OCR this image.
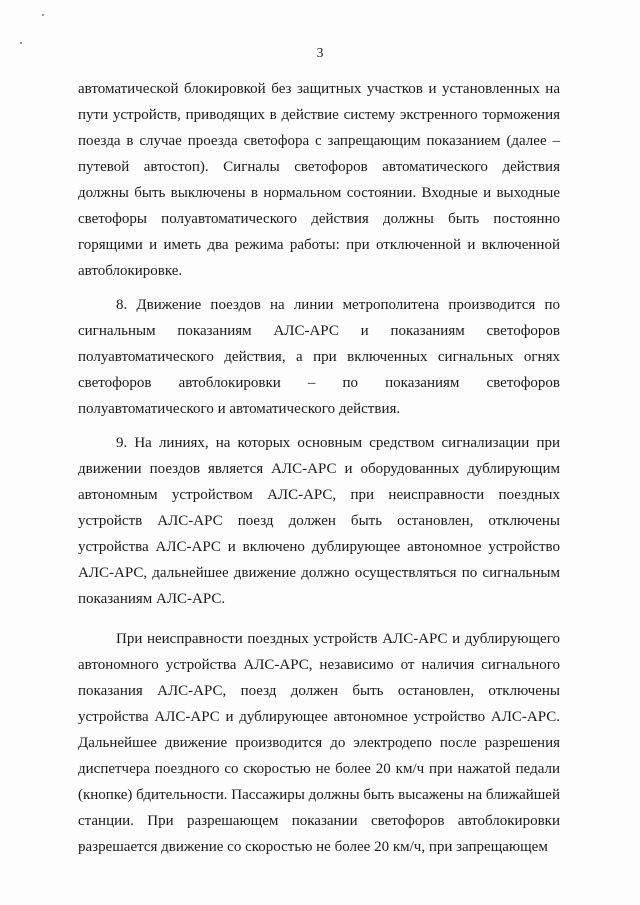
3

автоматической блокировкой без защитных участков и установленных на пути устройств, приводящих в действие систему экстренного торможения поезда в случае проезда светофора с запрещающим показанием (далее – путевой автостоп). Сигналы светофоров автоматического действия должны быть выключены в нормальном состоянии. Входные и выходные светофоры полуавтоматического действия должны быть постоянно горящими и иметь два режима работы: при отключенной и включенной автоблокировке.

8. Движение поездов на линии метрополитена производится по сигнальным показаниям АЛС-АРС и показаниям светофоров полуавтоматического действия, а при включенных сигнальных огнях светофоров автоблокировки – по показаниям светофоров полуавтоматического и автоматического действия.

9. На линиях, на которых основным средством сигнализации при движении поездов является АЛС-АРС и оборудованных дублирующим автономным устройством АЛС-АРС, при неисправности поездных устройств АЛС-АРС поезд должен быть остановлен, отключены устройства АЛС-АРС и включено дублирующее автономное устройство АЛС-АРС, дальнейшее движение должно осуществляться по сигнальным показаниям АЛС-АРС.

При неисправности поездных устройств АЛС-АРС и дублирующего автономного устройства АЛС-АРС, независимо от наличия сигнального показания АЛС-АРС, поезд должен быть остановлен, отключены устройства АЛС-АРС и дублирующее автономное устройство АЛС-АРС. Дальнейшее движение производится до электродепо после разрешения диспетчера поездного со скоростью не более 20 км/ч при нажатой педали (кнопке) бдительности. Пассажиры должны быть высажены на ближайшей станции. При разрешающем показании светофоров автоблокировки разрешается движение со скоростью не более 20 км/ч, при запрещающем
